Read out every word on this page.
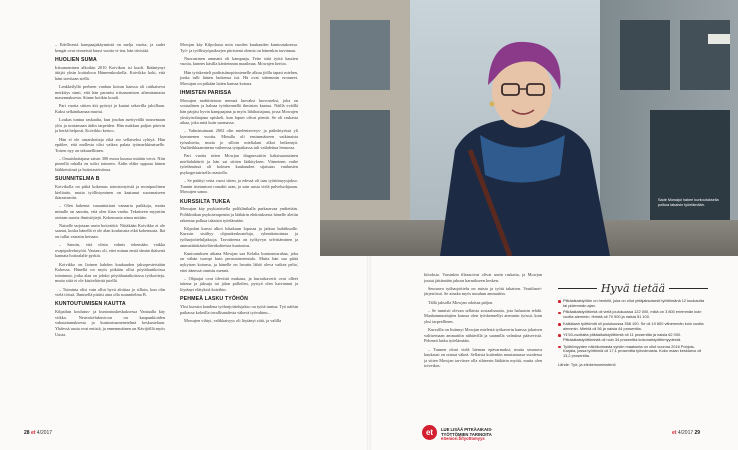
– Edellisestä kampaajakäynnistä on melja vuotta, ja sudet kengät ovat viimeisiä kuusi vuotta vi-ten, hän tiivistää.

HUOLIEN SUMA

Irtisanominen alkoikin 2010 Koivikon isi kuoli. Ikääntynyt äitijäi yksin kotitaloon Hämeenkoskella. Koivikko koki, että hänt tarvitaan siellä.

Lenkkeilyllä perheen vanhan koiran kanssa oli raitkaiseva merkitys sinni, että hän paranisi irtisanomisen aiheuttamasta masennuksesta. Siinne kotikin koudt.

Pari vuotta siitten äiti pyörtyi ja kaatui sekavilla jaloillaan. Kaksi selkänikamaa murtui.

Loukas tuntua raskaalta, kun joudun asettyvällä nousemaan ylös ja nostamaan äidin tarpeiden. Hän makkuu paljon pärivin ja herää helposti, Koivikko kertoo.

Hän ei ole omaishoitaja eikä aio sellaiseksi ryhtyä. Hän epäilee, että mollesta olisi vaikea palata työmarkkinatuelle. Toisen nyy on takuuelliinen.

– Omaishoitajana saisin 300 euroa kuussa mitään verot. Niin pienellä rahalla en tulisi toimeen. Äidin eläke uppoaa hänen lääkkeisiinsä ja hoitotasteisiinsa.

SUUNNITELMA B

Koivikolla on pitkä kokemus toimistotyöstä ja monipuolinen kielitaito, mutta työllistyminen on kaatunut suoranaiseen ikärasismiin.

– Olen hakenut vaaantiutiani vanaaria paikkoja, mutta minulle on sanottu, että olen liian vanha. Tekniseen myyntiin otetaan nuoria ihmisiöjtejä. Kokemusta ainoa mitään.

Naiselle tarjotaan usein hoitotöitä. Niitäkään Koivikko ei ole saanut, koska hänellä ei ole alan koulutusta eikä kokemusta. Ikä on tullut vastaiin kertaan.

– Sanoin, että olisin valmis tekemään vaikka ovapipalvelutyötä. Vastaus oli, ettei minun ensiä tämän ikäisenä kannata hoitoalalle pyrkiä.

Koivikko on lioinen kahden kuukauden jaksopesteistään Kokessa. Hänellä on myös pitkään ollut pöytälautikoissa toiminnut, jotka alaa on johdoi pöytälautaikoisissa työkortteja, mutta siitä ei ole käsiteltävää jutellä.

– Toiminta olisi vain ollut hyvä aloittaa jo silloin, kun olin vielä töissä. Ihmisellä pitäisi aina olla suunnitelma B.

KUNTOUTUMISEN KAUTTA

Kilpailun koulutus- ja kuntoutuskeskuksessa Vantaalla käy viikko. Neuvottelukuvioon on kaupunkioiden vakuuttamuksesta ja kuntoutusmenetelmä keskustelaan. Yhdessä uusia ovat entisiä, ja ennemmäinen on Kävijöillä myös Uusia.

Mowjan käy Kilpolassa noin vuoden kuukauden kuntoutuksessa. Työ- ja työllistyöpaiksejen piiristenä olemia on hänenkin tarvinnau.

Nuorastinen ammatti oli kampaaja. Tette siitä työtä kautten vuotta, kunnes käsilla käriteinnan maailmaa. Mowajen kertoo.

Hän työskenteli pudistsiinopitostenelle alkuu jöilla tapasi miehen, jonka tulli hänen laokensa isä. Hä ovat sittemmin eronneet. Mowajan on pitkään laiten kanssa kotona.

IHMISTEN PARISSA

Mowajen mahtitietoon rnemsä luovaksi luovosteksi, joka on sosiaalinen ja haluaa työskennellä ihmisten kanssa. Näillä eväillä hän pärjäsi hyvin kampaajana ja myös lähihoitajana, jossa Mowajen yksityisohtajana opiskeli, kun lapset olivat pieniä. Se oli raskasta aikaa, joka mitä kuin suomassa.

– Valmistuttuani 2002 olin mielenterveys- ja päihdetyössä yli kymmenen vuotta. Minulla oli ensimmäiseen vaikinaista työsuhteita, mutta jo silloin mielialani alkoi heikentyä. Vaaliteikkaaminena vaiheessa työpaikassa tuli vaihdettua lennossa.

Pari vuotta sitten Mowjan diagnosoitiin kaksisuuntainen mielialahäiriö ja hän sai siitten lääkityksen. Viimeinen vaihe työelämässä oli kolmen kuukauden sijaisuus vanhusten psykogeriatrisella osastolla.

– Se päättyi vetta vuosi sitten, ja edessä oli taas työttömyysjakso. Tunnin itsetuntoni romahti aran, ja sain uusia vielä palveluohjaaan. Mowajen sanoo.

KURSSILTA TUKEA

Mowajan käy psykiatrisella poliklinikalla parkausvaa yndiettäin. Poliklinikan psykoterapeutin ja lääkärin ehdotuksesta hänelle aletiin rakentaa polkua takaisin työelämään.

Kilpolan kurssi alkoi lokakuun lopussa ja jatkuu huhtikuulle. Kurssin sisältyy ohjauskeskusteluja, ryhmätoimintaa ja työharjoitteluljaksoja. Tavoitteena on työkyvyn selvittäminen ja ammattiinkäsiteltäväkohteista kuntoutus.

Kuntoutuksen aikana Mowjan saa Kelalta kuntoutusrahaa, joka on vähän isompi kuin perustoimeentulo. Mutta hän saa pitää nykyisen kotonsa, ja hänelle on luvattu lähiö oleva vaikea pelto, ettei äänessä onnistu mennä.

– Ohjaajat ovat tilevistä mukana, ja kurssikaverit ovat olleet tukena ja jaksuja tai jalan palloilen, pystyä olen kaivannut ja löytänyt elätyksiä koteihin.

PEHMEÄ LASKU TYÖHÖN

Yksi kurssin kandena työharjoittelujakso on työtä tuntua. Työ näihin paikassa kokeilla tavallisuudesta väkevä työvahinu...

Mowajen vihtyi, valikkaisyys oli löytänyt siitä, ja valilla

Sade Mowajoi hakee kuntoutuksella polkua takaisin työelämään.

kiitoksia. Varsinkin illansoivut olivat usein raskaita, ja Mowjan joutui jättämään jakson harmikseen kesken.

Seuraava työharjoittelu on naisia ja työtä takaisen. Voutiharri- järjestössä. Se ainaka myös muuhun ammattiin.

Tällä jaksolla Mowjan odottaa paljon.

– Se tunnisti olevan sellaisia sosiaalisuutta, jota haluaisin tehdä. Maahanmuuttajien kanssa olen työskennellyt aiemmin työssä, kuin yksi tarpeellinen.

Kurssilla on lisännyt Mowjan mielestä työkaverin kanssa jokaisen valitsemaan ammattiin nähtävillä ja saannilla valmiina pääsevistä. Pehmeä lasku työelämään.

– Tunnen oloni vielä hieman epävarmaksi, mutta seuraava kuukausi on otanut väkeä. Sellaista kuitenkin muutamassa vuodessa ja sitten Mowjan tarvitsee olla sihteerin lääkärin myötä, mutta olen toiveikas.

Hyvä tietää
Pitkäaikaistyötön on henkilö, joka on ollut yhtäjaksoisesti työttömänä 12 kuukautta tai pidemmän ajan.
Pitkäaikaistyöttömiä oli vielä joulukuussa 122 000, mikä on 3 800 enemmän kuin vuotta aiemmin. Heistä oli 70 900 ja naisia 51 100.
Kaikkiaan työttömiä oli joulukuussa 358 100. Se oli 19 800 vähemmän kuin vuotta aiemmin. Miehiä oli 56 ja naisia 44 prosenttia.
Yli 50-vuotiaita pitkäaikaistyöttömiä oli 11 prosenttia ja naisia 62 000. Pitkäaikaistyöttömistä oli noin 34 prosenttia kokonaistyöttömyydestä.
Työttömyyden näkökulmasta synkin maakunta on ollut vuonna 2016 Pohjois-Karjala, jossa työttömiä oli 17,1 prosenttia työvoimasta. Koko maan keskiarvo oli 13,2 prosenttia.
Lähde: Työ- ja elinkeinoministeriö
et	LUE LISÄÄ PITKÄAIKAIS-
TYÖTTÖMIEN TARINOITA
eSeniori.fi/tyottomyys
28 et 4/2017	et 4/2017 29
